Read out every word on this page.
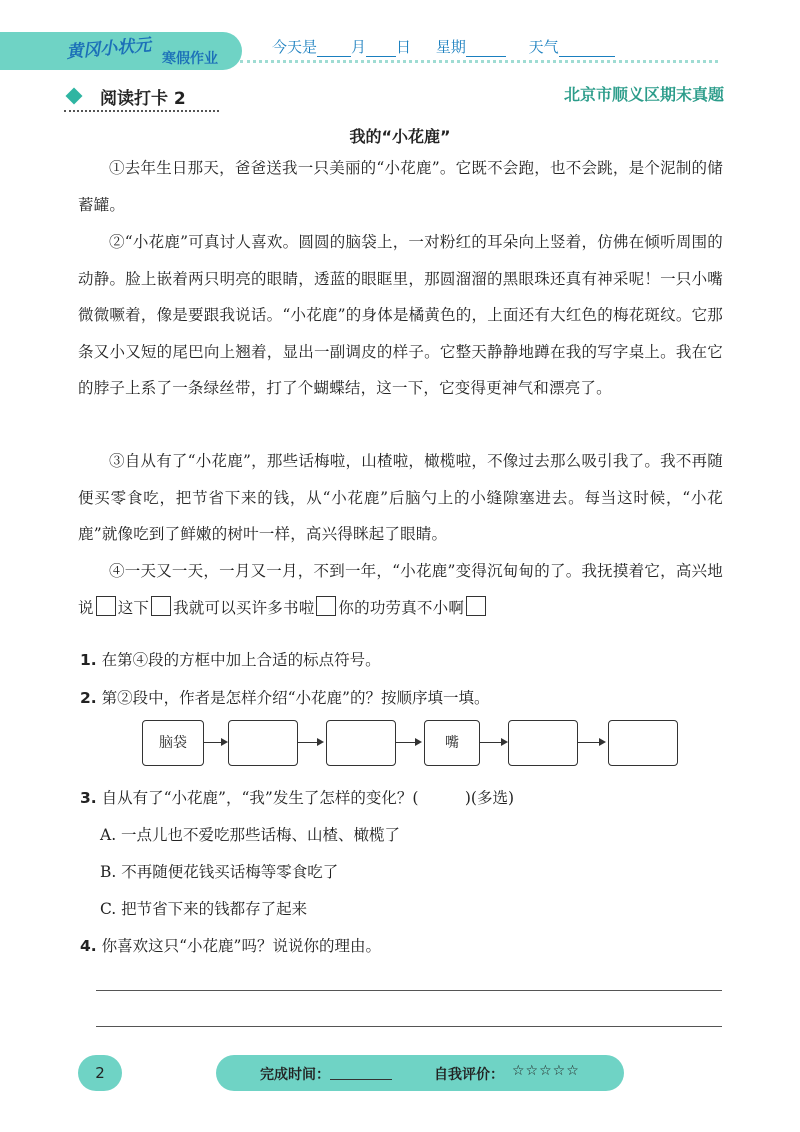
黄冈小状元 寒假作业
今天是 月 日 星期	天气
阅读打卡 2	北京市顺义区期末真题
我的“小花鹿”
①去年生日那天，爸爸送我一只美丽的“小花鹿”。它既不会跑，也不会跳，是个泥制的储蓄罐。
②“小花鹿”可真讨人喜欢。圆圆的脑袋上，一对粉红的耳朵向上竖着，仿佛在倾听周围的动静。脸上嵌着两只明亮的眼睛，透蓝的眼眶里，那圆溜溜的黑眼珠还真有神采呢！一只小嘴微微噘着，像是要跟我说话。“小花鹿”的身体是橘黄色的，上面还有大红色的梅花斑纹。它那条又小又短的尾巴向上翘着，显出一副调皮的样子。它整天静静地蹲在我的写字桌上。我在它的脖子上系了一条绿丝带，打了个蝴蝶结，这一下，它变得更神气和漂亮了。
③自从有了“小花鹿”，那些话梅啦，山楂啦，橄榄啦，不像过去那么吸引我了。我不再随便买零食吃，把节省下来的钱，从“小花鹿”后脑勺上的小缝隙塞进去。每当这时候，“小花鹿”就像吃到了鲜嫩的树叶一样，高兴得眯起了眼睛。
④一天又一天，一月又一月，不到一年，“小花鹿”变得沉甸甸的了。我抚摸着它，高兴地说 这下 我就可以买许多书啦 你的功劳真不小啊
1. 在第④段的方框中加上合适的标点符号。
2. 第②段中，作者是怎样介绍“小花鹿”的？按顺序填一填。
脑袋	嘴
3. 自从有了“小花鹿”，“我”发生了怎样的变化？(　　　)(多选)
A. 一点儿也不爱吃那些话梅、山楂、橄榄了
B. 不再随便花钱买话梅等零食吃了
C. 把节省下来的钱都存了起来
4. 你喜欢这只“小花鹿”吗？说说你的理由。
2	完成时间：	自我评价： ☆☆☆☆☆
